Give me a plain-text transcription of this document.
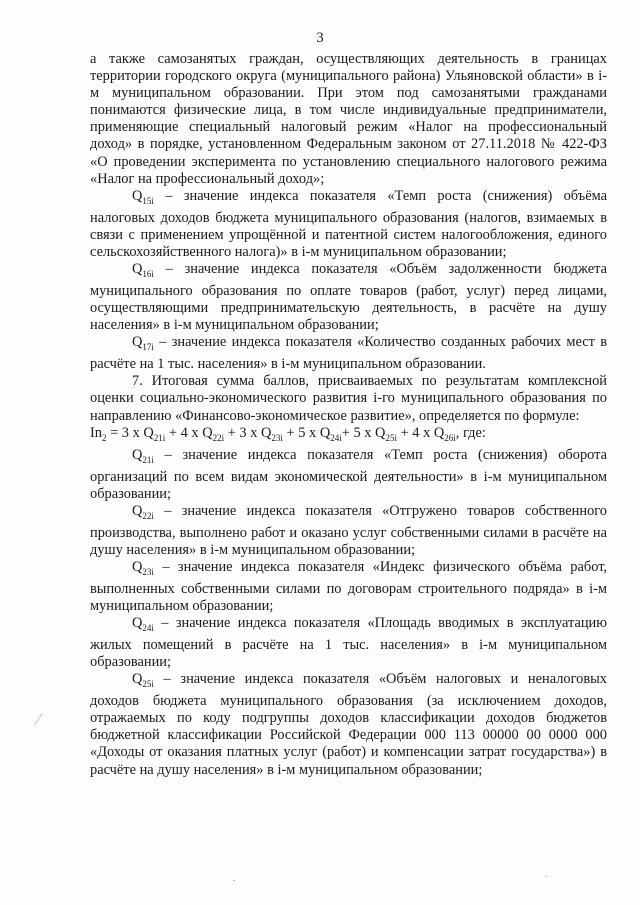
3

а также самозанятых граждан, осуществляющих деятельность в границах территории городского округа (муниципального района) Ульяновской области» в i-м муниципальном образовании. При этом под самозанятыми гражданами понимаются физические лица, в том числе индивидуальные предприниматели, применяющие специальный налоговый режим «Налог на профессиональный доход» в порядке, установленном Федеральным законом от 27.11.2018 № 422-ФЗ «О проведении эксперимента по установлению специального налогового режима «Налог на профессиональный доход»;

$Q_{15i}$ – значение индекса показателя «Темп роста (снижения) объёма налоговых доходов бюджета муниципального образования (налогов, взимаемых в связи с применением упрощённой и патентной систем налогообложения, единого сельскохозяйственного налога)» в i-м муниципальном образовании;

$Q_{16i}$ – значение индекса показателя «Объём задолженности бюджета муниципального образования по оплате товаров (работ, услуг) перед лицами, осуществляющими предпринимательскую деятельность, в расчёте на душу населения» в i-м муниципальном образовании;

$Q_{17i}$ – значение индекса показателя «Количество созданных рабочих мест в расчёте на 1 тыс. населения» в i-м муниципальном образовании.

7. Итоговая сумма баллов, присваиваемых по результатам комплексной оценки социально-экономического развития i-го муниципального образования по направлению «Финансово-экономическое развитие», определяется по формуле:

$In_2 = 3$ x $Q_{21i} + 4$ x $Q_{22i} + 3$ x $Q_{23i} + 5$ x $Q_{24i}+ 5$ x $Q_{25i} + 4$ x $Q_{26i}$, где:

$Q_{21i}$ – значение индекса показателя «Темп роста (снижения) оборота организаций по всем видам экономической деятельности» в i-м муниципальном образовании;

$Q_{22i}$ – значение индекса показателя «Отгружено товаров собственного производства, выполнено работ и оказано услуг собственными силами в расчёте на душу населения» в i-м муниципальном образовании;

$Q_{23i}$ – значение индекса показателя «Индекс физического объёма работ, выполненных собственными силами по договорам строительного подряда» в i-м муниципальном образовании;

$Q_{24i}$ – значение индекса показателя «Площадь вводимых в эксплуатацию жилых помещений в расчёте на 1 тыс. населения» в i-м муниципальном образовании;

$Q_{25i}$ – значение индекса показателя «Объём налоговых и неналоговых доходов бюджета муниципального образования (за исключением доходов, отражаемых по коду подгруппы доходов классификации доходов бюджетов бюджетной классификации Российской Федерации 000 113 00000 00 0000 000 «Доходы от оказания платных услуг (работ) и компенсации затрат государства») в расчёте на душу населения» в i-м муниципальном образовании;
